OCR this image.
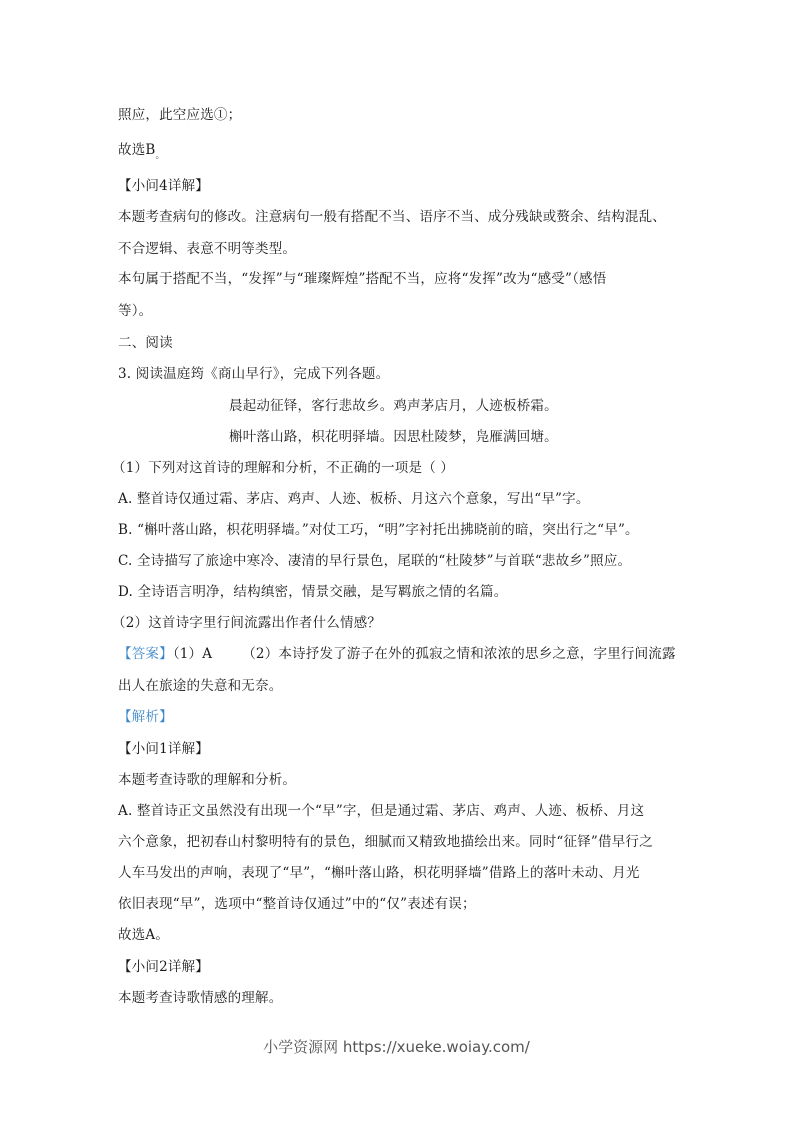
照应，此空应选①；
故选$B_。$
【小问4详解】
本题考查病句的修改。注意病句一般有搭配不当、语序不当、成分残缺或赘余、结构混乱、
不合逻辑、表意不明等类型。
本句属于搭配不当，“发挥”与“璀璨辉煌”搭配不当，应将“发挥”改为“感受”（感悟
等）。
二、阅读
3. 阅读温庭筠《商山早行》，完成下列各题。
晨起动征铎，客行悲故乡。鸡声茅店月，人迹板桥霜。
槲叶落山路，枳花明驿墙。因思杜陵梦，凫雁满回塘。
（1）下列对这首诗的理解和分析，不正确的一项是（ ）
A. 整首诗仅通过霜、茅店、鸡声、人迹、板桥、月这六个意象，写出“早”字。
B. “槲叶落山路，枳花明驿墙。”对仗工巧，“明”字衬托出拂晓前的暗，突出行之“早”。
C. 全诗描写了旅途中寒冷、凄清的早行景色，尾联的“杜陵梦”与首联“悲故乡”照应。
D. 全诗语言明净，结构缜密，情景交融，是写羁旅之情的名篇。
（2）这首诗字里行间流露出作者什么情感？
【答案】（1）A （2）本诗抒发了游子在外的孤寂之情和浓浓的思乡之意，字里行间流露
出人在旅途的失意和无奈。
【解析】
【小问1详解】
本题考查诗歌的理解和分析。
A. 整首诗正文虽然没有出现一个“早”字，但是通过霜、茅店、鸡声、人迹、板桥、月这
六个意象，把初春山村黎明特有的景色，细腻而又精致地描绘出来。同时“征铎”借早行之
人车马发出的声响，表现了“早”，“槲叶落山路，枳花明驿墙”借路上的落叶未动、月光
依旧表现“早”，选项中“整首诗仅通过”中的“仅”表述有误；
故选A。
【小问2详解】
本题考查诗歌情感的理解。
小学资源网 https://xueke.woiay.com/
